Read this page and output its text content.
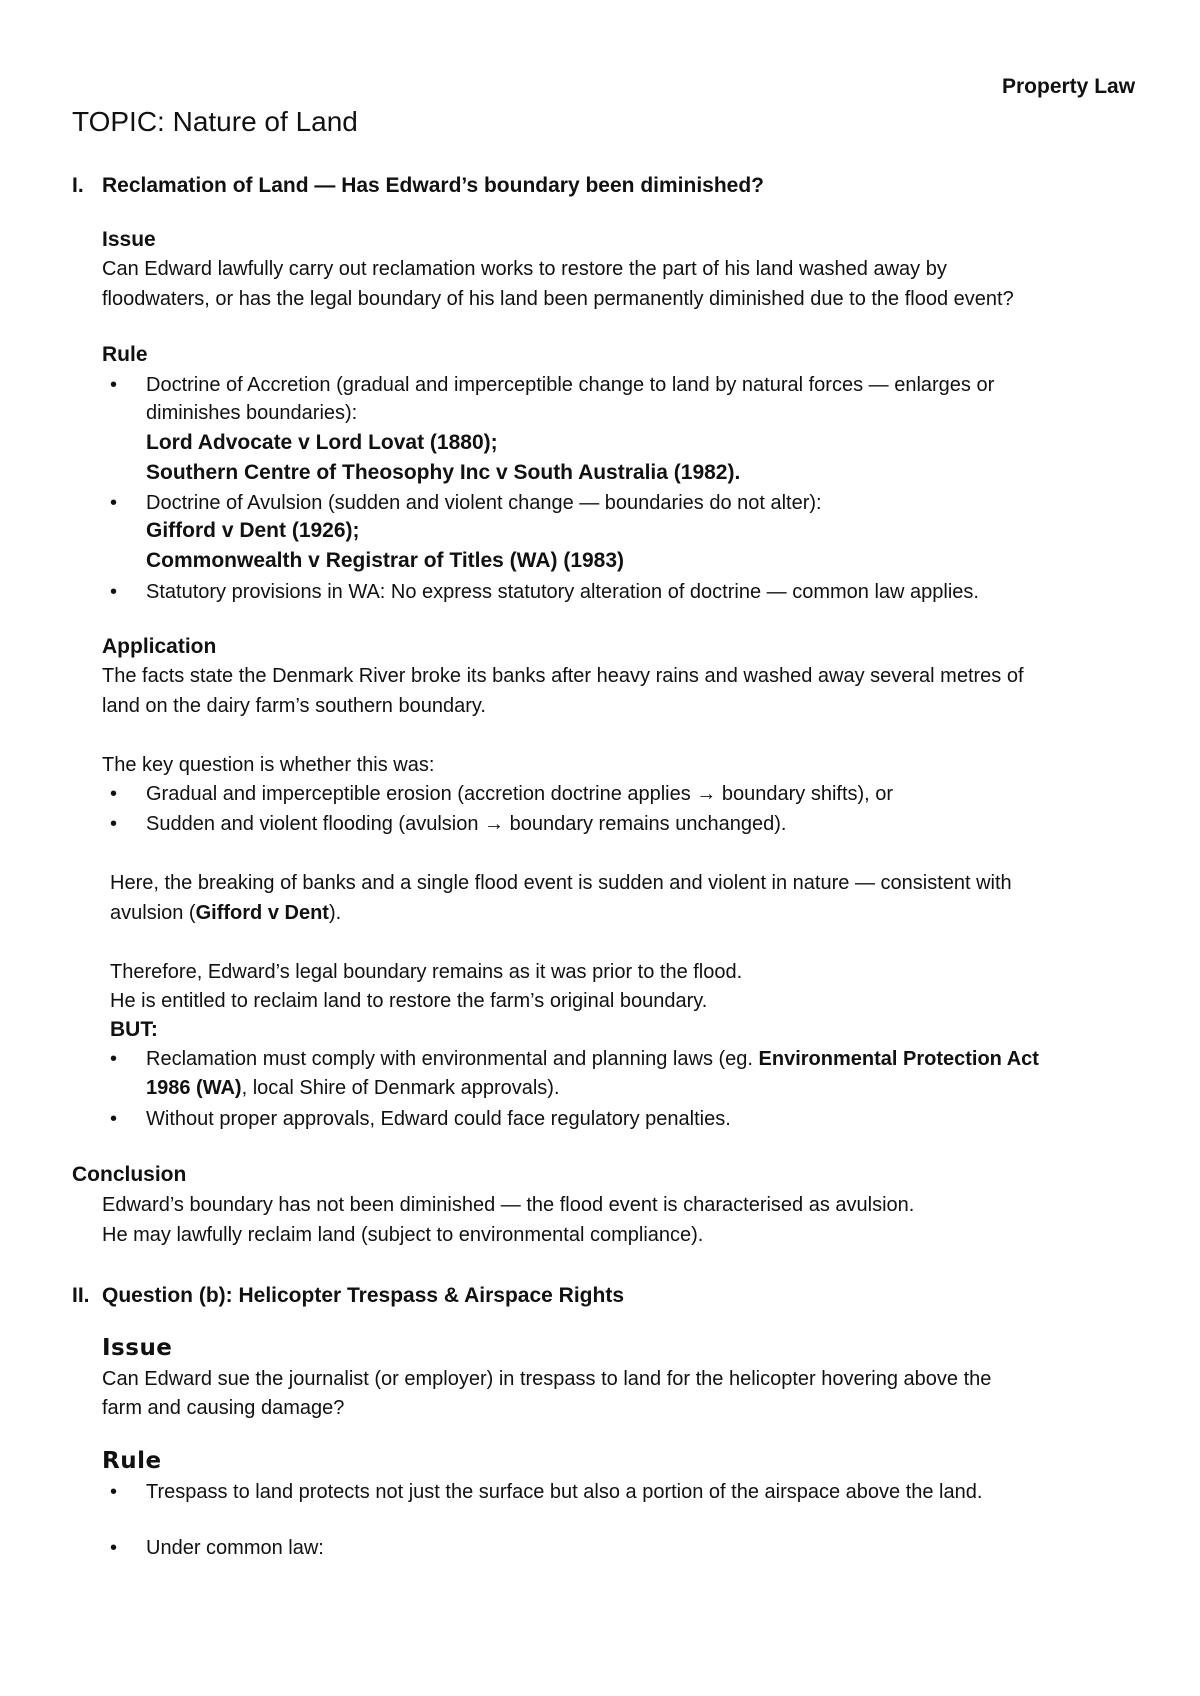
Property Law
TOPIC: Nature of Land
I. Reclamation of Land — Has Edward’s boundary been diminished?
Issue
Can Edward lawfully carry out reclamation works to restore the part of his land washed away by
floodwaters, or has the legal boundary of his land been permanently diminished due to the flood event?
Rule
• Doctrine of Accretion (gradual and imperceptible change to land by natural forces — enlarges or
diminishes boundaries):
Lord Advocate v Lord Lovat (1880);
Southern Centre of Theosophy Inc v South Australia (1982).
• Doctrine of Avulsion (sudden and violent change — boundaries do not alter):
Gifford v Dent (1926);
Commonwealth v Registrar of Titles (WA) (1983)
• Statutory provisions in WA: No express statutory alteration of doctrine — common law applies.
Application
The facts state the Denmark River broke its banks after heavy rains and washed away several metres of
land on the dairy farm’s southern boundary.
The key question is whether this was:
• Gradual and imperceptible erosion (accretion doctrine applies → boundary shifts), or
• Sudden and violent flooding (avulsion → boundary remains unchanged).
Here, the breaking of banks and a single flood event is sudden and violent in nature — consistent with
avulsion (Gifford v Dent).
Therefore, Edward’s legal boundary remains as it was prior to the flood.
He is entitled to reclaim land to restore the farm’s original boundary.
BUT:
• Reclamation must comply with environmental and planning laws (eg. Environmental Protection Act
1986 (WA), local Shire of Denmark approvals).
• Without proper approvals, Edward could face regulatory penalties.
Conclusion
Edward’s boundary has not been diminished — the flood event is characterised as avulsion.
He may lawfully reclaim land (subject to environmental compliance).
II. Question (b): Helicopter Trespass & Airspace Rights
Issue
Can Edward sue the journalist (or employer) in trespass to land for the helicopter hovering above the
farm and causing damage?
Rule
• Trespass to land protects not just the surface but also a portion of the airspace above the land.
• Under common law:
